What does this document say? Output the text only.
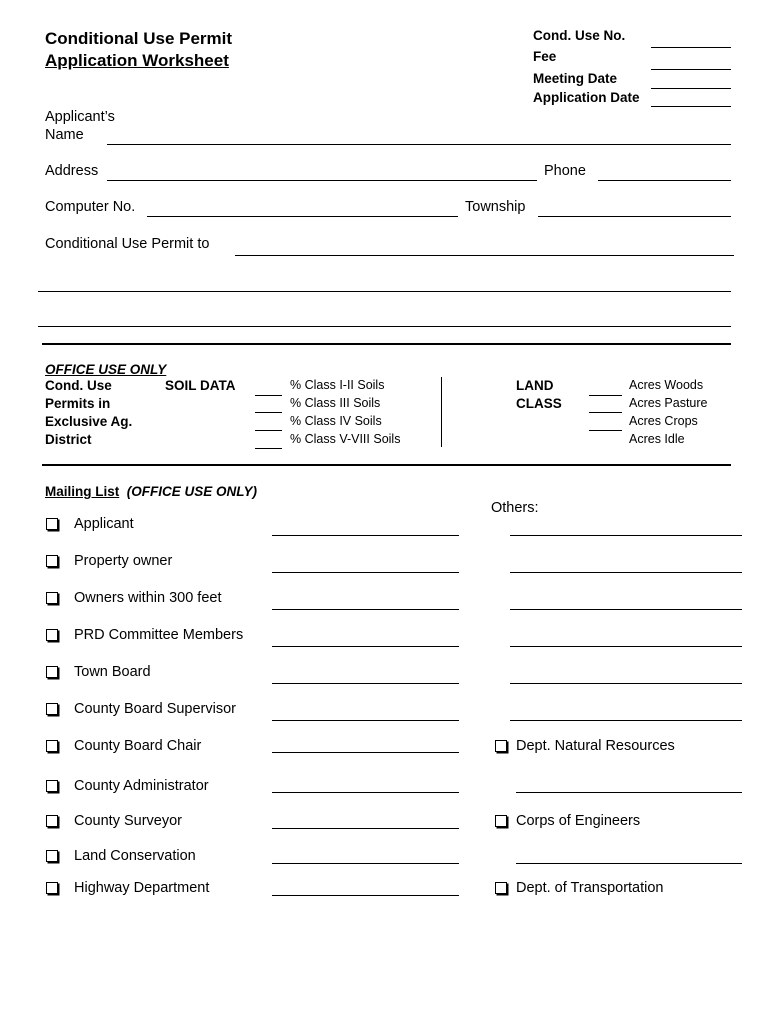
Conditional Use Permit
Application Worksheet
Cond. Use No.
Fee
Meeting Date
Application Date
Applicant’s
Name
Address	Phone
Computer No.	Township
Conditional Use Permit to
OFFICE USE ONLY
Cond. Use
Permits in
Exclusive Ag.
District
SOIL DATA	% Class I-II Soils
% Class III Soils
% Class IV Soils
% Class V-VIII Soils
LAND
CLASS
Acres Woods
Acres Pasture
Acres Crops
Acres Idle
Mailing List (OFFICE USE ONLY)
Others:
Applicant
Property owner
Owners within 300 feet
PRD Committee Members
Town Board
County Board Supervisor
County Board Chair	Dept. Natural Resources
County Administrator
County Surveyor	Corps of Engineers
Land Conservation
Highway Department	Dept. of Transportation
